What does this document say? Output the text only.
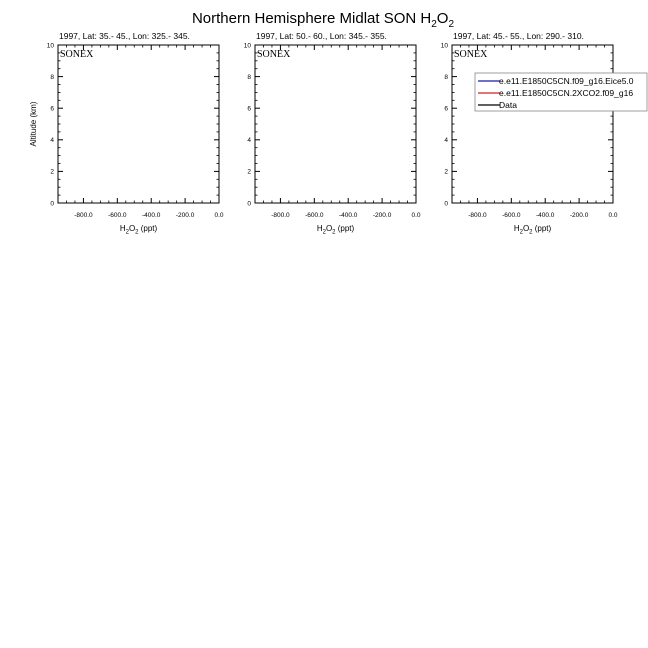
Northern Hemisphere Midlat SON $H_2O_2$
1997, Lat: 35.- 45., Lon: 325.- 345.
SONEX
0
2
4
6
8
10
-800.0 -600.0 -400.0 -200.0	0.0
$H_2O_2$ (ppt)
Altitude (km)
1997, Lat: 50.- 60., Lon: 345.- 355.
SONEX
0
2
4
6
8
10
-800.0 -600.0 -400.0 -200.0	0.0
$H_2O_2$ (ppt)
1997, Lat: 45.- 55., Lon: 290.- 310.
SONEX
0
2
4
6
8
10
-800.0 -600.0 -400.0 -200.0	0.0
$H_2O_2$ (ppt)
e.e11.E1850C5CN.f09_g16.Eice5.0
e.e11.E1850C5CN.2XCO2.f09_g16
Data
